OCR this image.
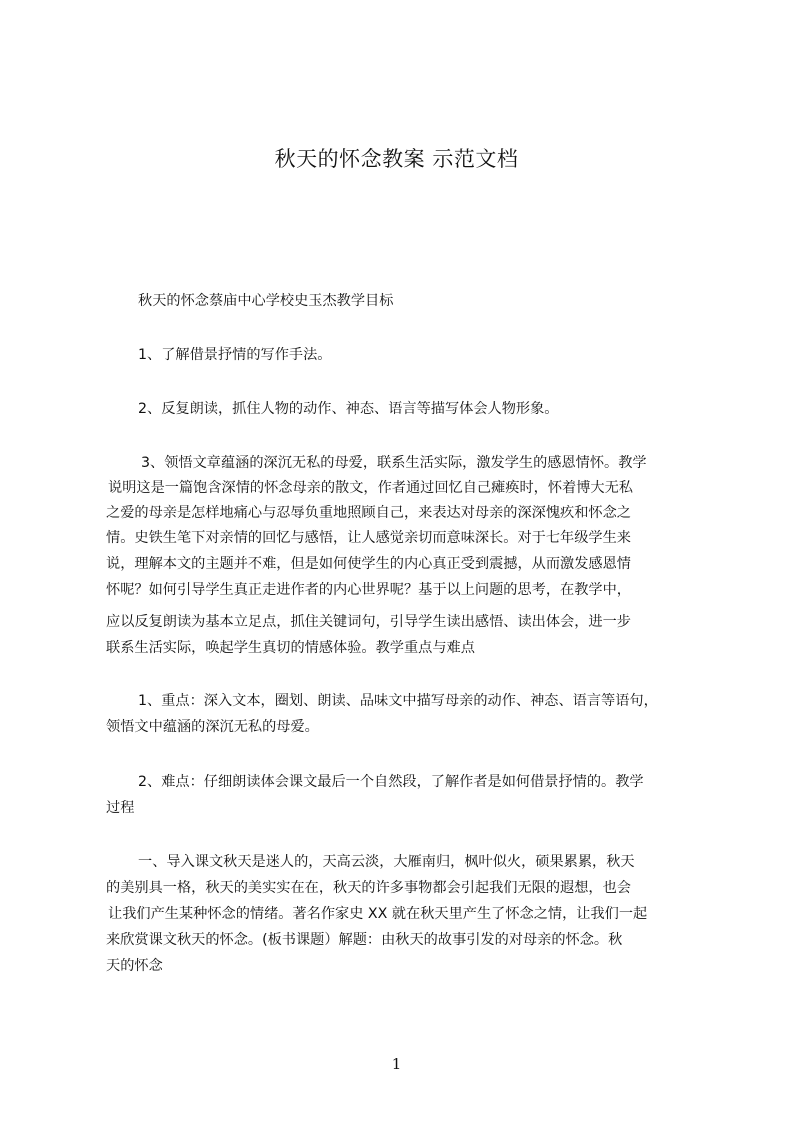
秋天的怀念教案 示范文档
秋天的怀念蔡庙中心学校史玉杰教学目标
1、了解借景抒情的写作手法。
2、反复朗读，抓住人物的动作、神态、语言等描写体会人物形象。
3、领悟文章蕴涵的深沉无私的母爱，联系生活实际，激发学生的感恩情怀。教学
说明这是一篇饱含深情的怀念母亲的散文，作者通过回忆自己瘫痪时，怀着博大无私
之爱的母亲是怎样地痛心与忍辱负重地照顾自己，来表达对母亲的深深愧疚和怀念之
情。史铁生笔下对亲情的回忆与感悟，让人感觉亲切而意味深长。对于七年级学生来
说，理解本文的主题并不难，但是如何使学生的内心真正受到震撼，从而激发感恩情
怀呢？如何引导学生真正走进作者的内心世界呢？基于以上问题的思考，在教学中，
应以反复朗读为基本立足点，抓住关键词句，引导学生读出感悟、读出体会，进一步
联系生活实际，唤起学生真切的情感体验。教学重点与难点
1、重点：深入文本，圈划、朗读、品味文中描写母亲的动作、神态、语言等语句，
领悟文中蕴涵的深沉无私的母爱。
2、难点：仔细朗读体会课文最后一个自然段，了解作者是如何借景抒情的。教学
过程
一、导入课文秋天是迷人的，天高云淡，大雁南归，枫叶似火，硕果累累，秋天
的美别具一格，秋天的美实实在在，秋天的许多事物都会引起我们无限的遐想，也会
让我们产生某种怀念的情绪。著名作家史 XX 就在秋天里产生了怀念之情，让我们一起
来欣赏课文秋天的怀念。(板书课题）解题：由秋天的故事引发的对母亲的怀念。秋
天的怀念
1
